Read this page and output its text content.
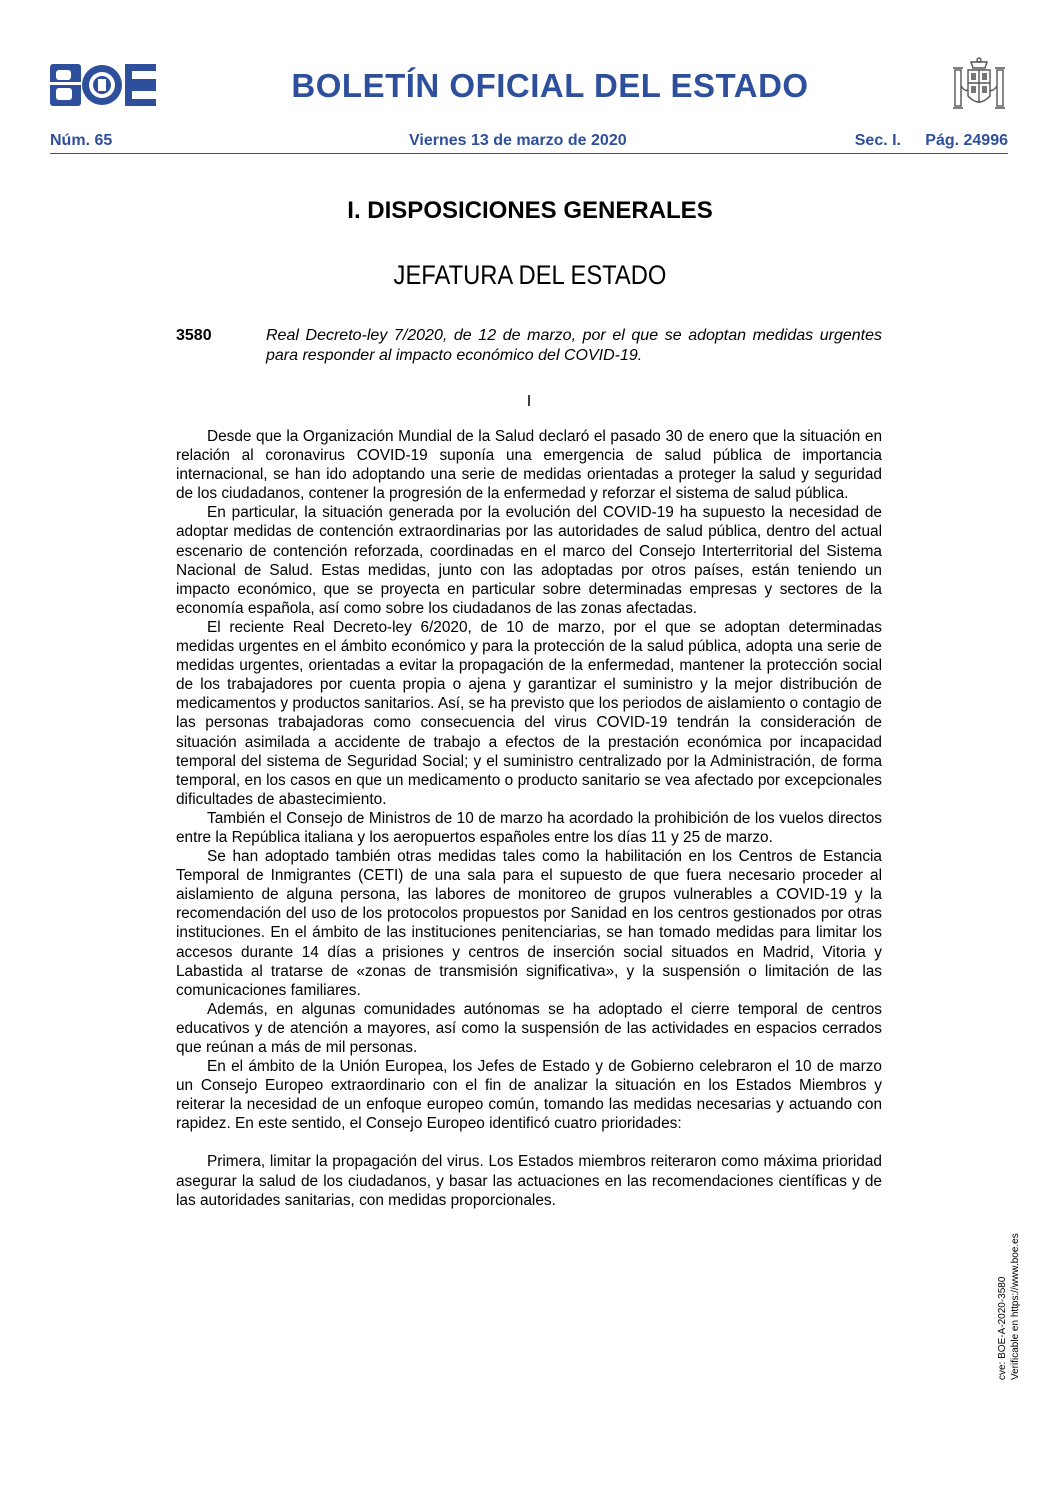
BOLETÍN OFICIAL DEL ESTADO
Núm. 65	Viernes 13 de marzo de 2020	Sec. I. Pág. 24996
I. DISPOSICIONES GENERALES
JEFATURA DEL ESTADO
3580	Real Decreto-ley 7/2020, de 12 de marzo, por el que se adoptan medidas urgentes para responder al impacto económico del COVID-19.
I

Desde que la Organización Mundial de la Salud declaró el pasado 30 de enero que la situación en relación al coronavirus COVID-19 suponía una emergencia de salud pública de importancia internacional, se han ido adoptando una serie de medidas orientadas a proteger la salud y seguridad de los ciudadanos, contener la progresión de la enfermedad y reforzar el sistema de salud pública.

En particular, la situación generada por la evolución del COVID-19 ha supuesto la necesidad de adoptar medidas de contención extraordinarias por las autoridades de salud pública, dentro del actual escenario de contención reforzada, coordinadas en el marco del Consejo Interterritorial del Sistema Nacional de Salud. Estas medidas, junto con las adoptadas por otros países, están teniendo un impacto económico, que se proyecta en particular sobre determinadas empresas y sectores de la economía española, así como sobre los ciudadanos de las zonas afectadas.

El reciente Real Decreto-ley 6/2020, de 10 de marzo, por el que se adoptan determinadas medidas urgentes en el ámbito económico y para la protección de la salud pública, adopta una serie de medidas urgentes, orientadas a evitar la propagación de la enfermedad, mantener la protección social de los trabajadores por cuenta propia o ajena y garantizar el suministro y la mejor distribución de medicamentos y productos sanitarios. Así, se ha previsto que los periodos de aislamiento o contagio de las personas trabajadoras como consecuencia del virus COVID-19 tendrán la consideración de situación asimilada a accidente de trabajo a efectos de la prestación económica por incapacidad temporal del sistema de Seguridad Social; y el suministro centralizado por la Administración, de forma temporal, en los casos en que un medicamento o producto sanitario se vea afectado por excepcionales dificultades de abastecimiento.

También el Consejo de Ministros de 10 de marzo ha acordado la prohibición de los vuelos directos entre la República italiana y los aeropuertos españoles entre los días 11 y 25 de marzo.

Se han adoptado también otras medidas tales como la habilitación en los Centros de Estancia Temporal de Inmigrantes (CETI) de una sala para el supuesto de que fuera necesario proceder al aislamiento de alguna persona, las labores de monitoreo de grupos vulnerables a COVID-19 y la recomendación del uso de los protocolos propuestos por Sanidad en los centros gestionados por otras instituciones. En el ámbito de las instituciones penitenciarias, se han tomado medidas para limitar los accesos durante 14 días a prisiones y centros de inserción social situados en Madrid, Vitoria y Labastida al tratarse de «zonas de transmisión significativa», y la suspensión o limitación de las comunicaciones familiares.

Además, en algunas comunidades autónomas se ha adoptado el cierre temporal de centros educativos y de atención a mayores, así como la suspensión de las actividades en espacios cerrados que reúnan a más de mil personas.

En el ámbito de la Unión Europea, los Jefes de Estado y de Gobierno celebraron el 10 de marzo un Consejo Europeo extraordinario con el fin de analizar la situación en los Estados Miembros y reiterar la necesidad de un enfoque europeo común, tomando las medidas necesarias y actuando con rapidez. En este sentido, el Consejo Europeo identificó cuatro prioridades:

Primera, limitar la propagación del virus. Los Estados miembros reiteraron como máxima prioridad asegurar la salud de los ciudadanos, y basar las actuaciones en las recomendaciones científicas y de las autoridades sanitarias, con medidas proporcionales.

cve: BOE-A-2020-3580 Verificable en https://www.boe.es
